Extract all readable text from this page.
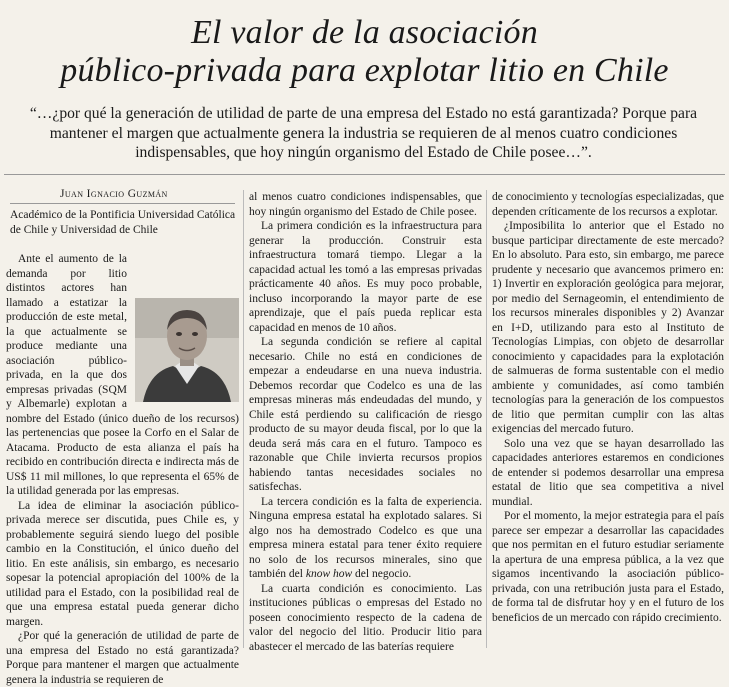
El valor de la asociación
público-privada para explotar litio en Chile

“…¿por qué la generación de utilidad de parte de una empresa del Estado no está garantizada? Porque para mantener el margen que actualmente genera la industria se requieren de al menos cuatro condiciones indispensables, que hoy ningún organismo del Estado de Chile posee…”.

Juan Ignacio Guzmán

Académico de la Pontificia Universidad Católica de Chile y Universidad de Chile

Ante el aumento de la demanda por litio distintos actores han llamado a estatizar la producción de este metal, la que actualmente se produce mediante una asociación público-privada, en la que dos empresas privadas (SQM y Albemarle) explotan a nombre del Estado (único dueño de los recursos) las pertenencias que posee la Corfo en el Salar de Atacama. Producto de esta alianza el país ha recibido en contribución directa e indirecta más de US$ 11 mil millones, lo que representa el 65% de la utilidad generada por las empresas.

La idea de eliminar la asociación público-privada merece ser discutida, pues Chile es, y probablemente seguirá siendo luego del posible cambio en la Constitución, el único dueño del litio. En este análisis, sin embargo, es necesario sopesar la potencial apropiación del 100% de la utilidad para el Estado, con la posibilidad real de que una empresa estatal pueda generar dicho margen.

¿Por qué la generación de utilidad de parte de una empresa del Estado no está garantizada? Porque para mantener el margen que actualmente genera la industria se requieren de

al menos cuatro condiciones indispensables, que hoy ningún organismo del Estado de Chile posee.

La primera condición es la infraestructura para generar la producción. Construir esta infraestructura tomará tiempo. Llegar a la capacidad actual les tomó a las empresas privadas prácticamente 40 años. Es muy poco probable, incluso incorporando la mayor parte de ese aprendizaje, que el país pueda replicar esta capacidad en menos de 10 años.

La segunda condición se refiere al capital necesario. Chile no está en condiciones de empezar a endeudarse en una nueva industria. Debemos recordar que Codelco es una de las empresas mineras más endeudadas del mundo, y Chile está perdiendo su calificación de riesgo producto de su mayor deuda fiscal, por lo que la deuda será más cara en el futuro. Tampoco es razonable que Chile invierta recursos propios habiendo tantas necesidades sociales no satisfechas.

La tercera condición es la falta de experiencia. Ninguna empresa estatal ha explotado salares. Si algo nos ha demostrado Codelco es que una empresa minera estatal para tener éxito requiere no solo de los recursos minerales, sino que también del know how del negocio.

La cuarta condición es conocimiento. Las instituciones públicas o empresas del Estado no poseen conocimiento respecto de la cadena de valor del negocio del litio. Producir litio para abastecer el mercado de las baterías requiere

de conocimiento y tecnologías especializadas, que dependen críticamente de los recursos a explotar.

¿Imposibilita lo anterior que el Estado no busque participar directamente de este mercado? En lo absoluto. Para esto, sin embargo, me parece prudente y necesario que avancemos primero en: 1) Invertir en exploración geológica para mejorar, por medio del Sernageomin, el entendimiento de los recursos minerales disponibles y 2) Avanzar en I+D, utilizando para esto al Instituto de Tecnologías Limpias, con objeto de desarrollar conocimiento y capacidades para la explotación de salmueras de forma sustentable con el medio ambiente y comunidades, así como también tecnologías para la generación de los compuestos de litio que permitan cumplir con las altas exigencias del mercado futuro.

Solo una vez que se hayan desarrollado las capacidades anteriores estaremos en condiciones de entender si podemos desarrollar una empresa estatal de litio que sea competitiva a nivel mundial.

Por el momento, la mejor estrategia para el país parece ser empezar a desarrollar las capacidades que nos permitan en el futuro estudiar seriamente la apertura de una empresa pública, a la vez que sigamos incentivando la asociación público-privada, con una retribución justa para el Estado, de forma tal de disfrutar hoy y en el futuro de los beneficios de un mercado con rápido crecimiento.
